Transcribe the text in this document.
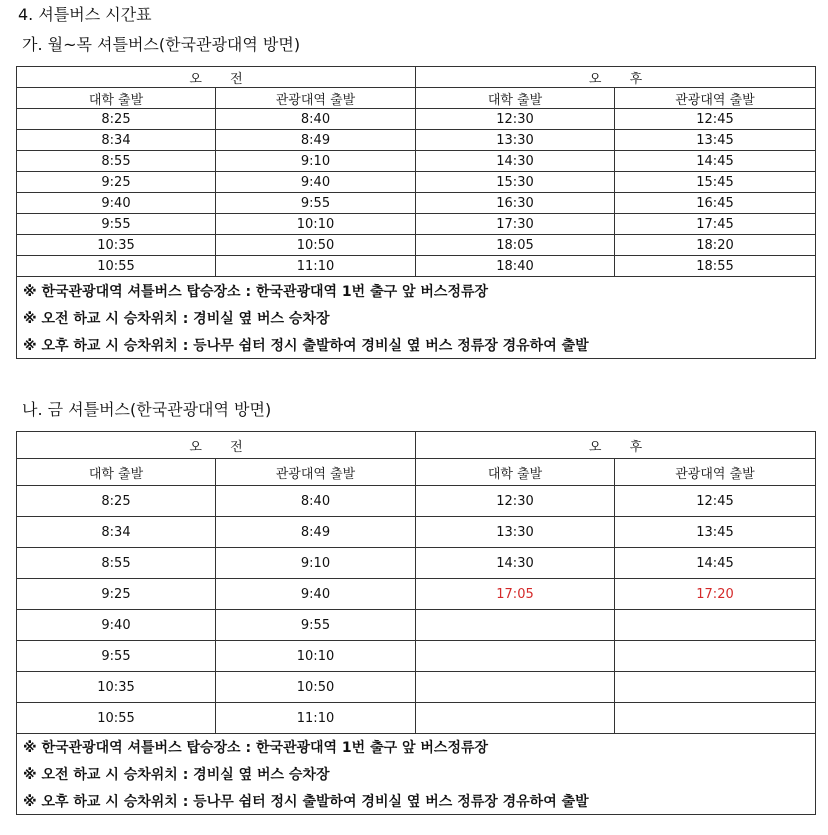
4. 셔틀버스 시간표
가. 월~목 셔틀버스(한국관광대역 방면)
오 전		오 후	
대학 출발	관광대역 출발	대학 출발	관광대역 출발
8:25	8:40	12:30	12:45
8:34	8:49	13:30	13:45
8:55	9:10	14:30	14:45
9:25	9:40	15:30	15:45
9:40	9:55	16:30	16:45
9:55	10:10	17:30	17:45
10:35	10:50	18:05	18:20
10:55	11:10	18:40	18:55
※ 한국관광대역 셔틀버스 탑승장소 : 한국관광대역 1번 출구 앞 버스정류장			
※ 오전 하교 시 승차위치 : 경비실 옆 버스 승차장			
※ 오후 하교 시 승차위치 : 등나무 쉼터 정시 출발하여 경비실 옆 버스 정류장 경유하여 출발			
나. 금 셔틀버스(한국관광대역 방면)
오 전		오 후	
대학 출발	관광대역 출발	대학 출발	관광대역 출발
8:25	8:40	12:30	12:45
8:34	8:49	13:30	13:45
8:55	9:10	14:30	14:45
9:25	9:40	17:05	17:20
9:40	9:55		
9:55	10:10		
10:35	10:50		
10:55	11:10		
※ 한국관광대역 셔틀버스 탑승장소 : 한국관광대역 1번 출구 앞 버스정류장			
※ 오전 하교 시 승차위치 : 경비실 옆 버스 승차장			
※ 오후 하교 시 승차위치 : 등나무 쉼터 정시 출발하여 경비실 옆 버스 정류장 경유하여 출발			
